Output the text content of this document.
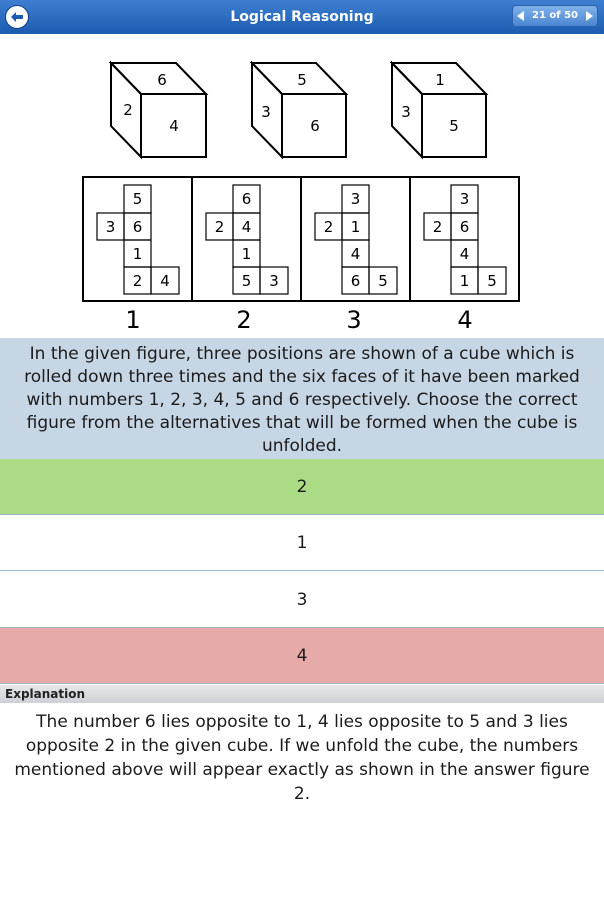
Logical Reasoning	21 of 50
6
2
4
5
3
6
1
3
5
5
3 6
1
2 4
6
2 4
1
5 3
3
2 1
4
6 5
3
2 6
4
1 5
1	2	3	4
In the given figure, three positions are shown of a cube which is rolled down three times and the six faces of it have been marked with numbers 1, 2, 3, 4, 5 and 6 respectively. Choose the correct figure from the alternatives that will be formed when the cube is unfolded.
2
1
3
4
Explanation
The number 6 lies opposite to 1, 4 lies opposite to 5 and 3 lies opposite 2 in the given cube. If we unfold the cube, the numbers mentioned above will appear exactly as shown in the answer figure 2.
